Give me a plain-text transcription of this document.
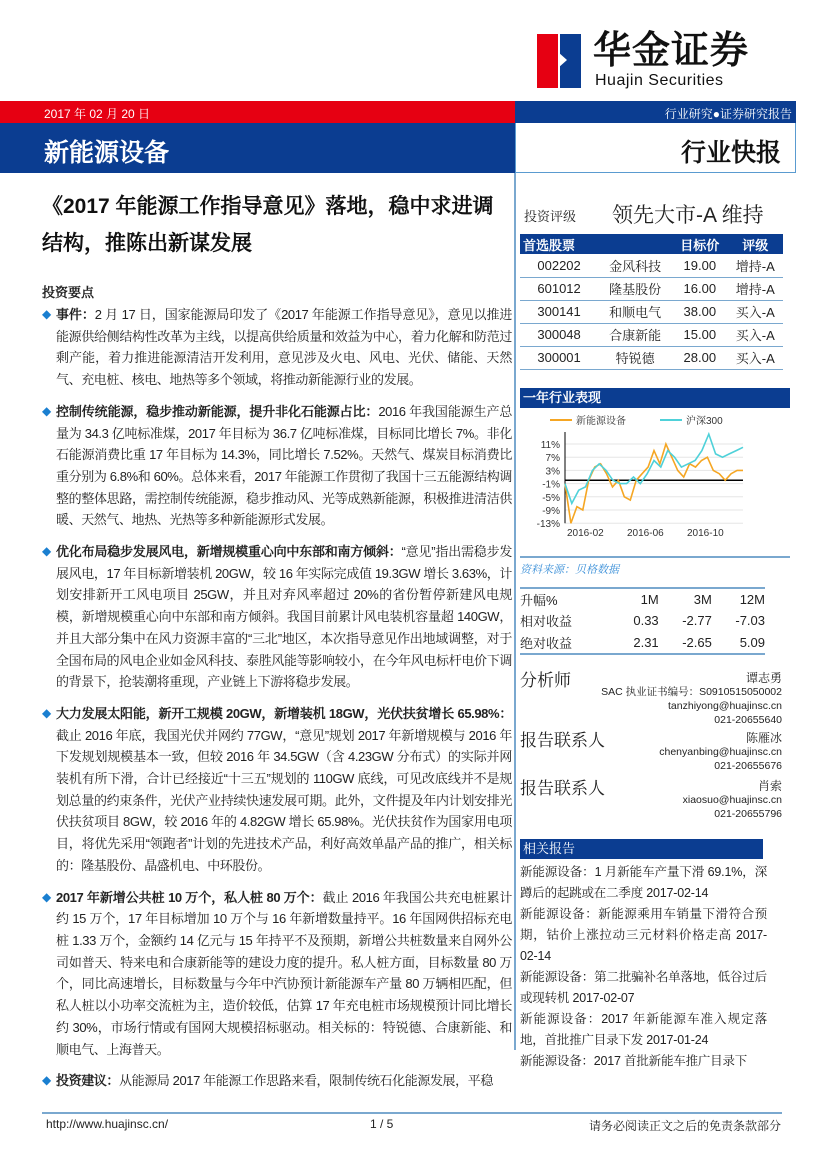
华金证券
Huajin Securities
2017 年 02 月 20 日	行业研究●证券研究报告
新能源设备	行业快报
《2017 年能源工作指导意见》落地，稳中求进调结构，推陈出新谋发展
投资要点
◆ 事件：2 月 17 日，国家能源局印发了《2017 年能源工作指导意见》，意见以推进能源供给侧结构性改革为主线，以提高供给质量和效益为中心，着力化解和防范过剩产能，着力推进能源清洁开发利用，意见涉及火电、风电、光伏、储能、天然气、充电桩、核电、地热等多个领域，将推动新能源行业的发展。
◆ 控制传统能源，稳步推动新能源，提升非化石能源占比：2016 年我国能源生产总量为 34.3 亿吨标准煤，2017 年目标为 36.7 亿吨标准煤，目标同比增长 7%。非化石能源消费比重 17 年目标为 14.3%，同比增长 7.52%。天然气、煤炭目标消费比重分别为 6.8%和 60%。总体来看，2017 年能源工作贯彻了我国十三五能源结构调整的整体思路，需控制传统能源，稳步推动风、光等成熟新能源，积极推进清洁供暖、天然气、地热、光热等多种新能源形式发展。
◆ 优化布局稳步发展风电，新增规模重心向中东部和南方倾斜：“意见”指出需稳步发展风电，17 年目标新增装机 20GW，较 16 年实际完成值 19.3GW 增长 3.63%，计划安排新开工风电项目 25GW，并且对弃风率超过 20%的省份暂停新建风电规模，新增规模重心向中东部和南方倾斜。我国目前累计风电装机容量超 140GW，并且大部分集中在风力资源丰富的“三北”地区，本次指导意见作出地域调整，对于全国布局的风电企业如金风科技、泰胜风能等影响较小，在今年风电标杆电价下调的背景下，抢装潮将重现，产业链上下游将稳步发展。
◆ 大力发展太阳能，新开工规模 20GW，新增装机 18GW，光伏扶贫增长 65.98%：截止 2016 年底，我国光伏并网约 77GW，“意见”规划 2017 年新增规模与 2016 年下发规划规模基本一致，但较 2016 年 34.5GW（含 4.23GW 分布式）的实际并网装机有所下滑，合计已经接近“十三五”规划的 110GW 底线，可见改底线并不是规划总量的约束条件，光伏产业持续快速发展可期。此外，文件提及年内计划安排光伏扶贫项目 8GW，较 2016 年的 4.82GW 增长 65.98%。光伏扶贫作为国家用电项目，将优先采用“领跑者”计划的先进技术产品，利好高效单晶产品的推广，相关标的：隆基股份、晶盛机电、中环股份。
◆ 2017 年新增公共桩 10 万个，私人桩 80 万个：截止 2016 年我国公共充电桩累计约 15 万个，17 年目标增加 10 万个与 16 年新增数量持平。16 年国网供招标充电桩 1.33 万个，金额约 14 亿元与 15 年持平不及预期，新增公共桩数量来自网外公司如普天、特来电和合康新能等的建设力度的提升。私人桩方面，目标数量 80 万个，同比高速增长，目标数量与今年中汽协预计新能源车产量 80 万辆相匹配，但私人桩以小功率交流桩为主，造价较低，估算 17 年充电桩市场规模预计同比增长约 30%，市场行情或有国网大规模招标驱动。相关标的：特锐德、合康新能、和顺电气、上海普天。
◆ 投资建议：从能源局 2017 年能源工作思路来看，限制传统石化能源发展，平稳
投资评级 领先大市-A 维持
首选股票		目标价	评级
002202	金风科技	19.00	增持-A
601012	隆基股份	16.00	增持-A
300141	和顺电气	38.00	买入-A
300048	合康新能	15.00	买入-A
300001	特锐德	28.00	买入-A
一年行业表现
新能源设备	沪深300
11%
7%
3%
-1%
-5%
-9%
-13%
2016-02 2016-06 2016-10
资料来源：贝格数据
升幅%	1M	3M	12M
相对收益	0.33	-2.77	-7.03
绝对收益	2.31	-2.65	5.09
分析师	谭志勇
SAC 执业证书编号：S0910515050002
tanzhiyong@huajinsc.cn
021-20655640
报告联系人	陈雁冰
chenyanbing@huajinsc.cn
021-20655676
报告联系人	肖索
xiaosuo@huajinsc.cn
021-20655796
相关报告
新能源设备：1 月新能车产量下滑 69.1%，深蹲后的起跳或在二季度 2017-02-14
新能源设备：新能源乘用车销量下滑符合预期，钴价上涨拉动三元材料价格走高 2017-02-14
新能源设备：第二批骗补名单落地，低谷过后或现转机 2017-02-07
新能源设备：2017 年新能源车准入规定落地，首批推广目录下发 2017-01-24
新能源设备：2017 首批新能车推广目录下
http://www.huajinsc.cn/	1 / 5	请务必阅读正文之后的免责条款部分
